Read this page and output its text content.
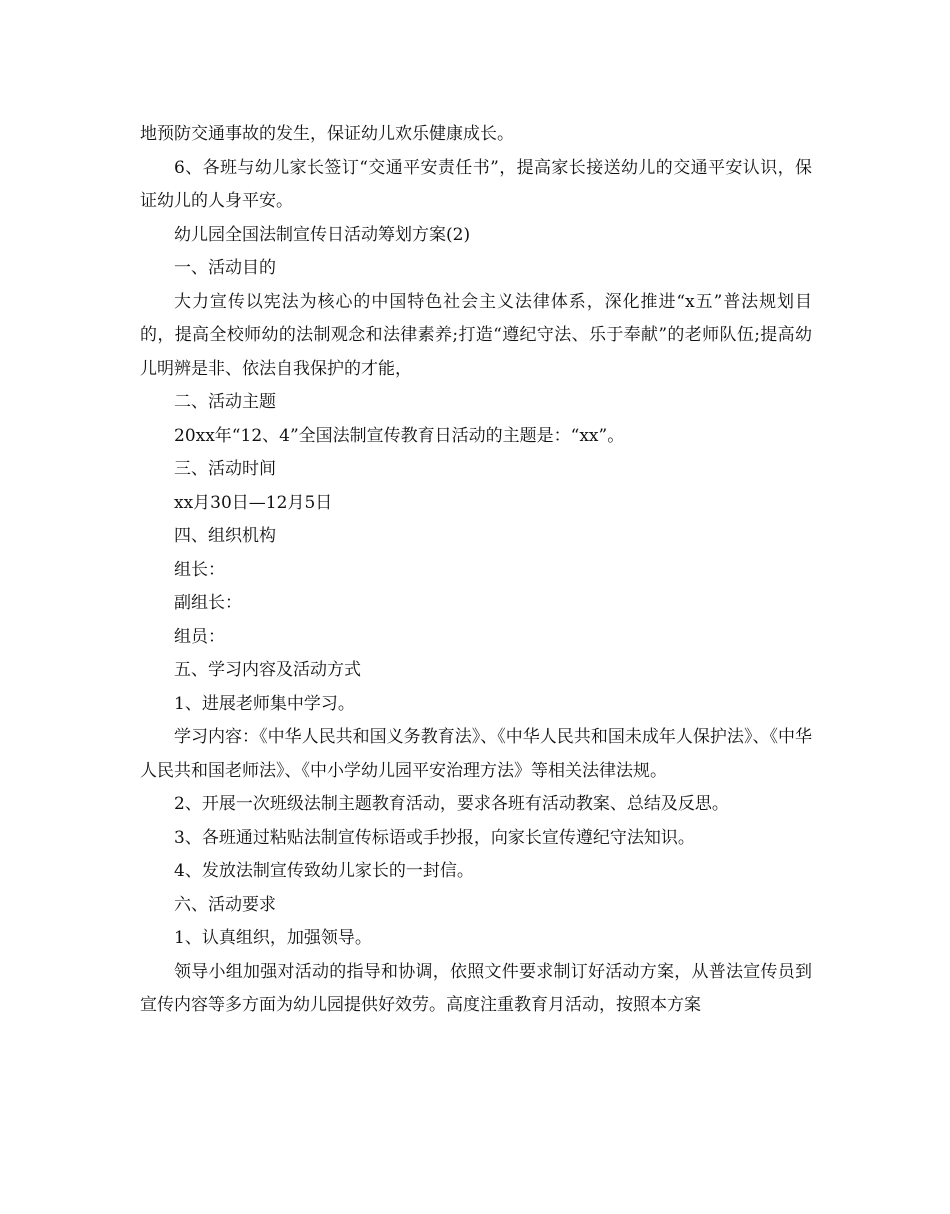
地预防交通事故的发生，保证幼儿欢乐健康成长。

6、各班与幼儿家长签订“交通平安责任书”，提高家长接送幼儿的交通平安认识，保证幼儿的人身平安。

幼儿园全国法制宣传日活动筹划方案(2)

一、活动目的

大力宣传以宪法为核心的中国特色社会主义法律体系，深化推进“x五”普法规划目的，提高全校师幼的法制观念和法律素养;打造“遵纪守法、乐于奉献”的老师队伍;提高幼儿明辨是非、依法自我保护的才能，

二、活动主题

20xx年“12、4”全国法制宣传教育日活动的主题是：“xx”。

三、活动时间

xx月30日—12月5日

四、组织机构

组长：

副组长：

组员：

五、学习内容及活动方式

1、进展老师集中学习。

学习内容：《中华人民共和国义务教育法》、《中华人民共和国未成年人保护法》、《中华人民共和国老师法》、《中小学幼儿园平安治理方法》等相关法律法规。

2、开展一次班级法制主题教育活动，要求各班有活动教案、总结及反思。

3、各班通过粘贴法制宣传标语或手抄报，向家长宣传遵纪守法知识。

4、发放法制宣传致幼儿家长的一封信。

六、活动要求

1、认真组织，加强领导。

领导小组加强对活动的指导和协调，依照文件要求制订好活动方案，从普法宣传员到宣传内容等多方面为幼儿园提供好效劳。高度注重教育月活动，按照本方案
